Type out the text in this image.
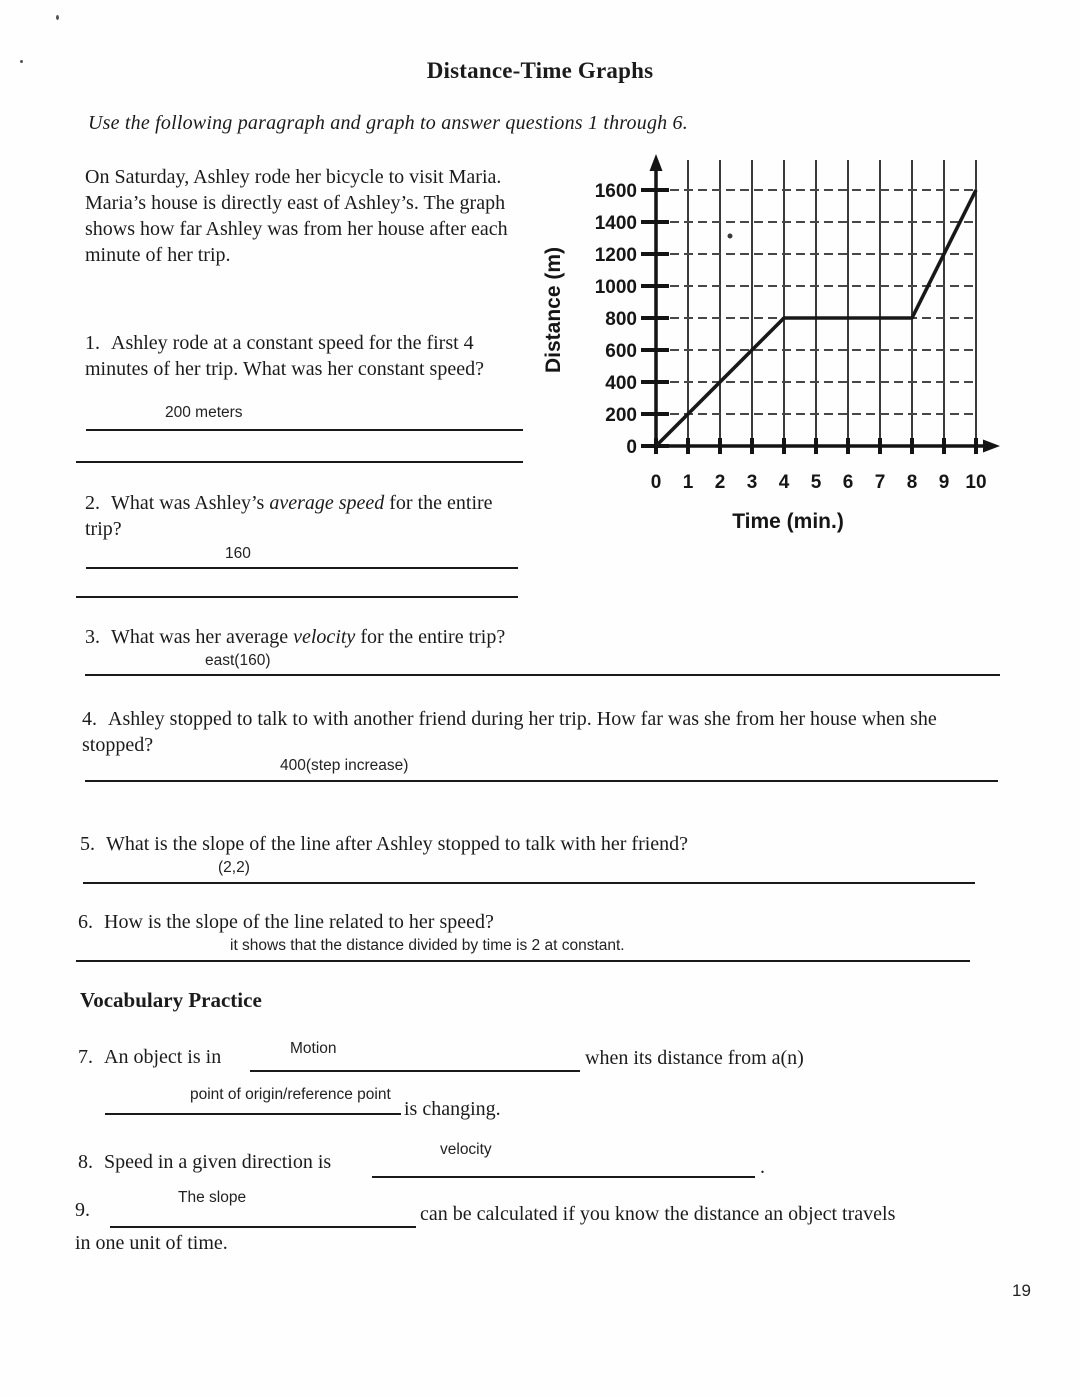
Distance-Time Graphs
Use the following paragraph and graph to answer questions 1 through 6.
On Saturday, Ashley rode her bicycle to visit Maria. Maria’s house is directly east of Ashley’s. The graph shows how far Ashley was from her house after each minute of her trip.
0 1 2 3 4 5 6 7 8 9 10
0
200
400
600
800
1000
1200
1400
1600
Time (min.)
Distance (m)
1. Ashley rode at a constant speed for the first 4 minutes of her trip. What was her constant speed?
200 meters
2. What was Ashley’s average speed for the entire trip?
160
3. What was her average velocity for the entire trip?
east(160)
4. Ashley stopped to talk to with another friend during her trip. How far was she from her house when she stopped?
400(step increase)
5. What is the slope of the line after Ashley stopped to talk with her friend?
(2,2)
6. How is the slope of the line related to her speed?
it shows that the distance divided by time is 2 at constant.
Vocabulary Practice
7. An object is in	Motion	when its distance from a(n)
point of origin/reference point
is changing.
8. Speed in a given direction is
velocity
.
9.
The slope
can be calculated if you know the distance an object travels
in one unit of time.
19
